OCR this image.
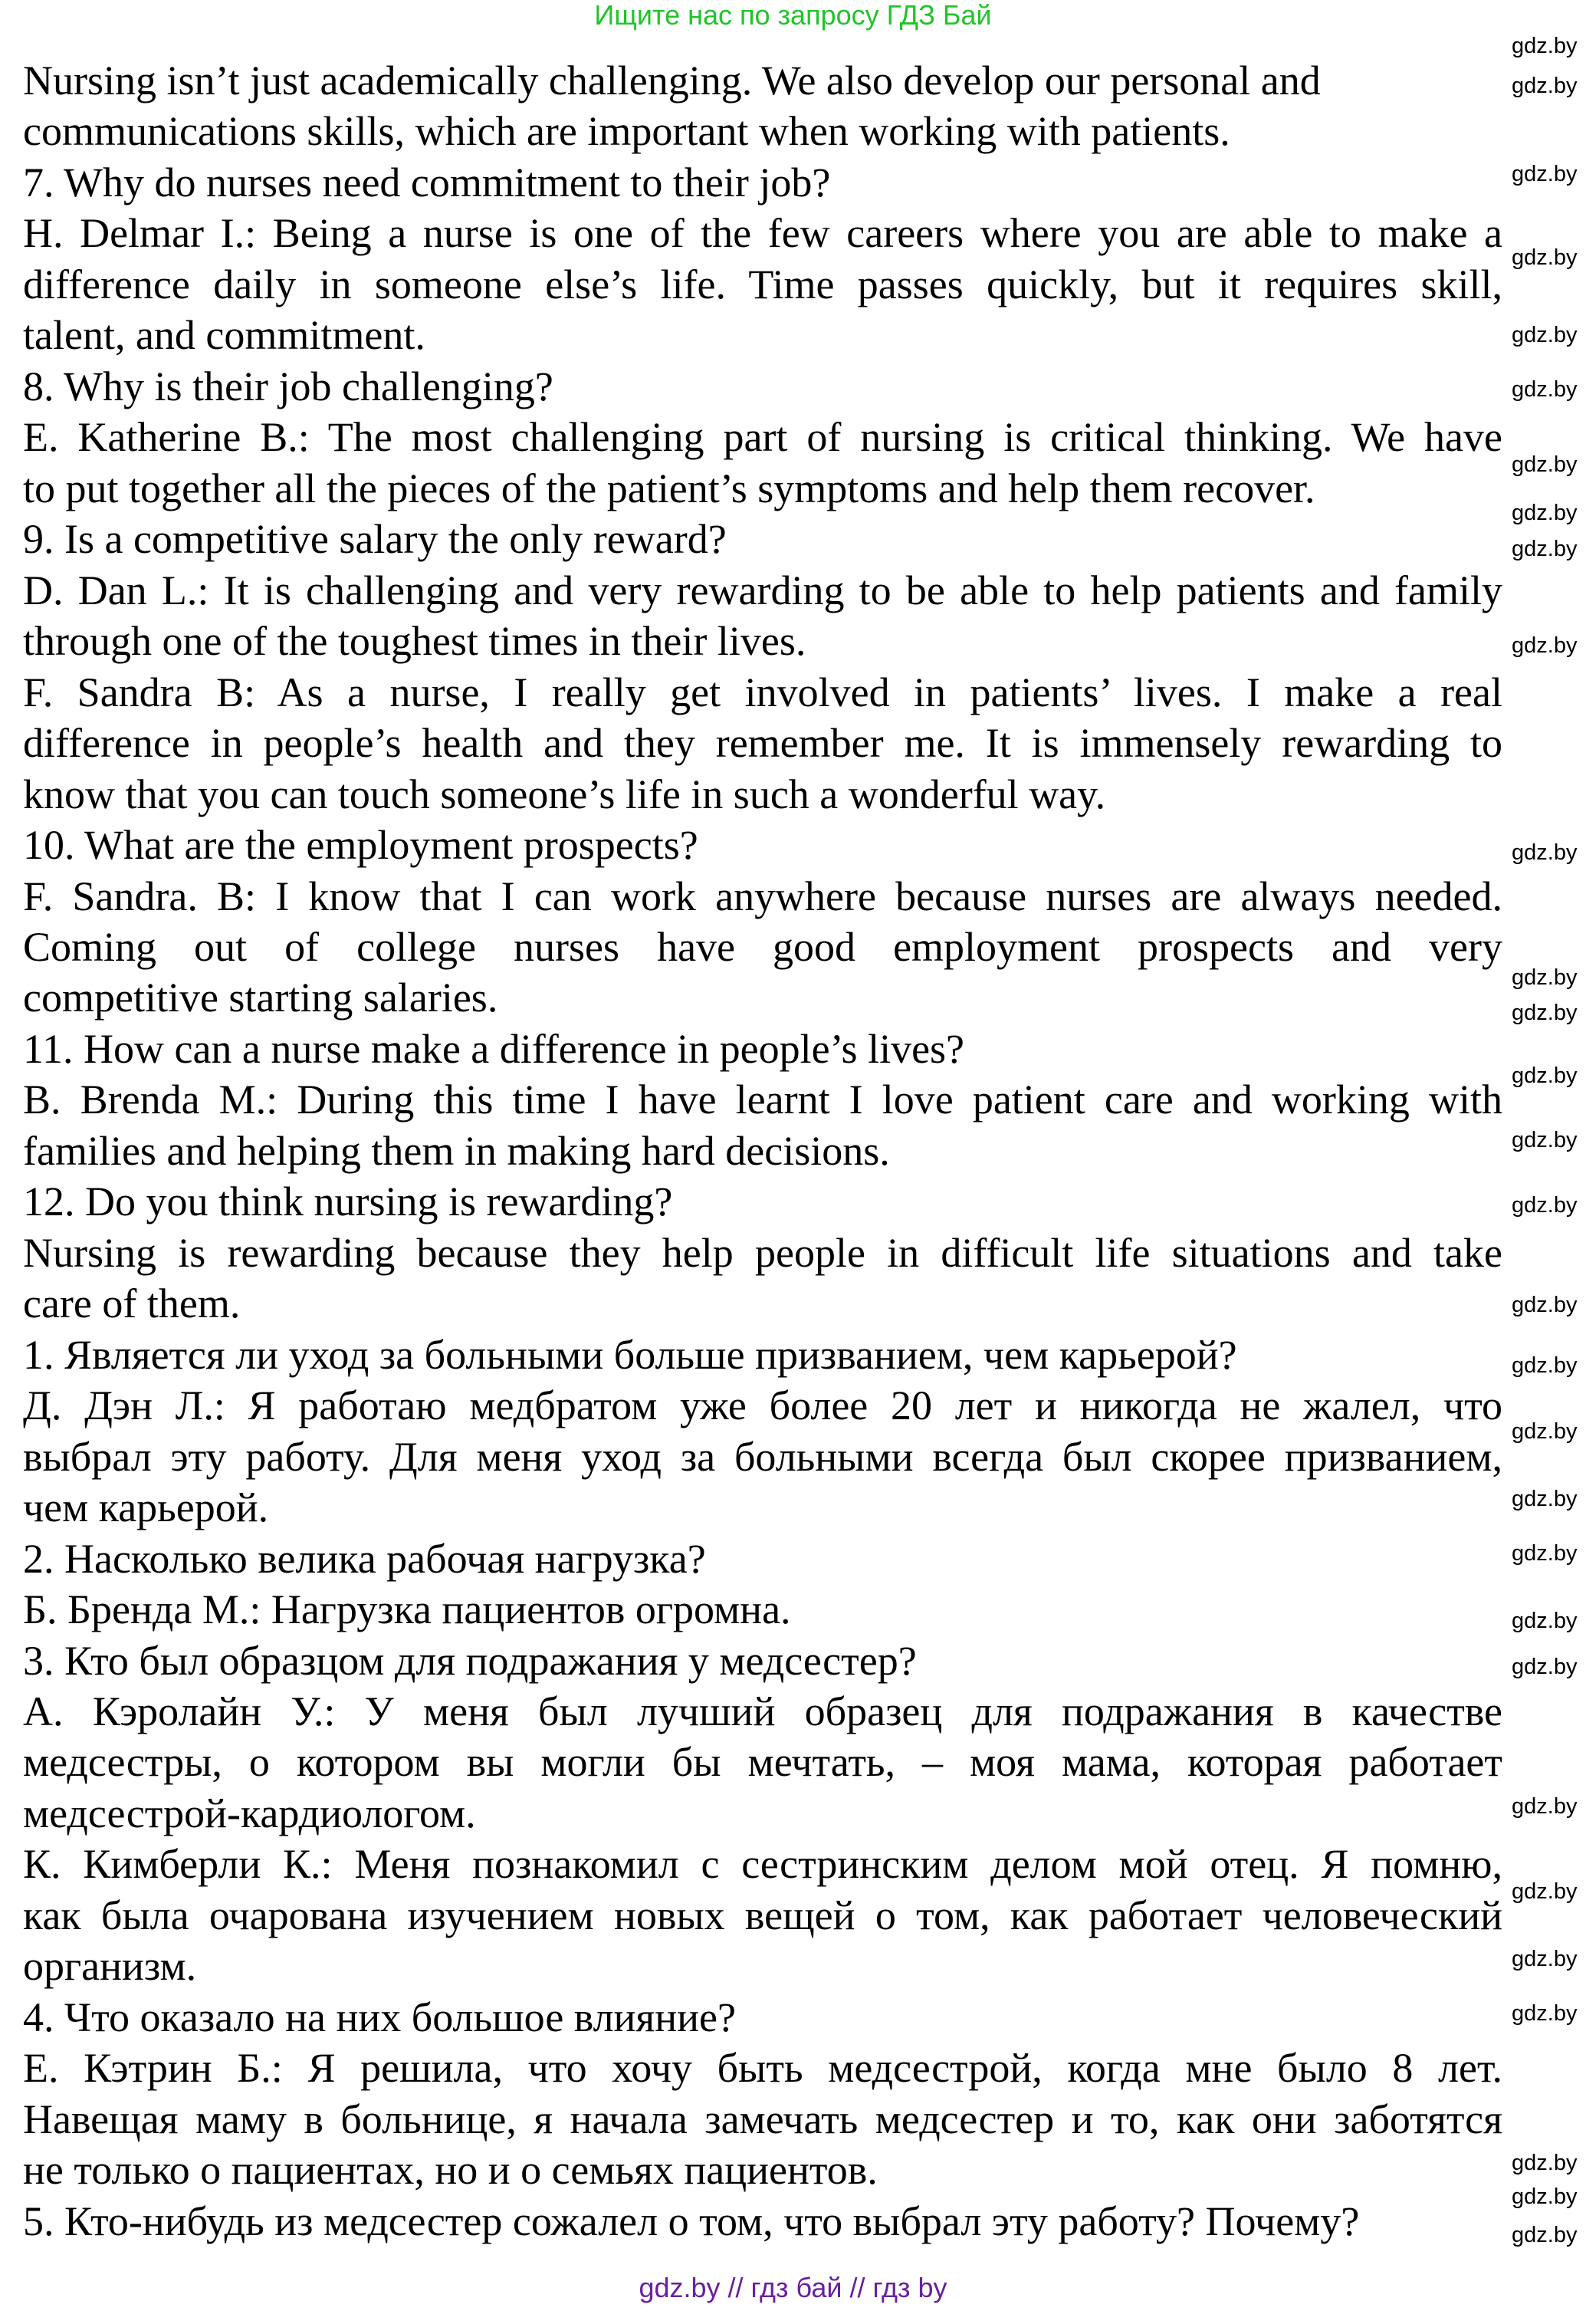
Ищите нас по запросу ГДЗ Бай
Nursing isn’t just academically challenging. We also develop our personal and
communications skills, which are important when working with patients.
7. Why do nurses need commitment to their job?
H. Delmar I.: Being a nurse is one of the few careers where you are able to make a
difference daily in someone else’s life. Time passes quickly, but it requires skill,
talent, and commitment.
8. Why is their job challenging?
E. Katherine B.: The most challenging part of nursing is critical thinking. We have
to put together all the pieces of the patient’s symptoms and help them recover.
9. Is a competitive salary the only reward?
D. Dan L.: It is challenging and very rewarding to be able to help patients and family
through one of the toughest times in their lives.
F. Sandra B: As a nurse, I really get involved in patients’ lives. I make a real
difference in people’s health and they remember me. It is immensely rewarding to
know that you can touch someone’s life in such a wonderful way.
10. What are the employment prospects?
F. Sandra. B: I know that I can work anywhere because nurses are always needed.
Coming out of college nurses have good employment prospects and very
competitive starting salaries.
11. How can a nurse make a difference in people’s lives?
B. Brenda M.: During this time I have learnt I love patient care and working with
families and helping them in making hard decisions.
12. Do you think nursing is rewarding?
Nursing is rewarding because they help people in difficult life situations and take
care of them.
1. Является ли уход за больными больше призванием, чем карьерой?
Д. Дэн Л.: Я работаю медбратом уже более 20 лет и никогда не жалел, что
выбрал эту работу. Для меня уход за больными всегда был скорее призванием,
чем карьерой.
2. Насколько велика рабочая нагрузка?
Б. Бренда М.: Нагрузка пациентов огромна.
3. Кто был образцом для подражания у медсестер?
А. Кэролайн У.: У меня был лучший образец для подражания в качестве
медсестры, о котором вы могли бы мечтать, – моя мама, которая работает
медсестрой-кардиологом.
К. Кимберли К.: Меня познакомил с сестринским делом мой отец. Я помню,
как была очарована изучением новых вещей о том, как работает человеческий
организм.
4. Что оказало на них большое влияние?
Е. Кэтрин Б.: Я решила, что хочу быть медсестрой, когда мне было 8 лет.
Навещая маму в больнице, я начала замечать медсестер и то, как они заботятся
не только о пациентах, но и о семьях пациентов.
5. Кто-нибудь из медсестер сожалел о том, что выбрал эту работу? Почему?
gdz.by
gdz.by
gdz.by
gdz.by
gdz.by
gdz.by
gdz.by
gdz.by
gdz.by
gdz.by
gdz.by
gdz.by
gdz.by
gdz.by
gdz.by
gdz.by
gdz.by
gdz.by
gdz.by
gdz.by
gdz.by
gdz.by
gdz.by
gdz.by
gdz.by
gdz.by
gdz.by
gdz.by
gdz.by
gdz.by
gdz.by // гдз бай // гдз by
